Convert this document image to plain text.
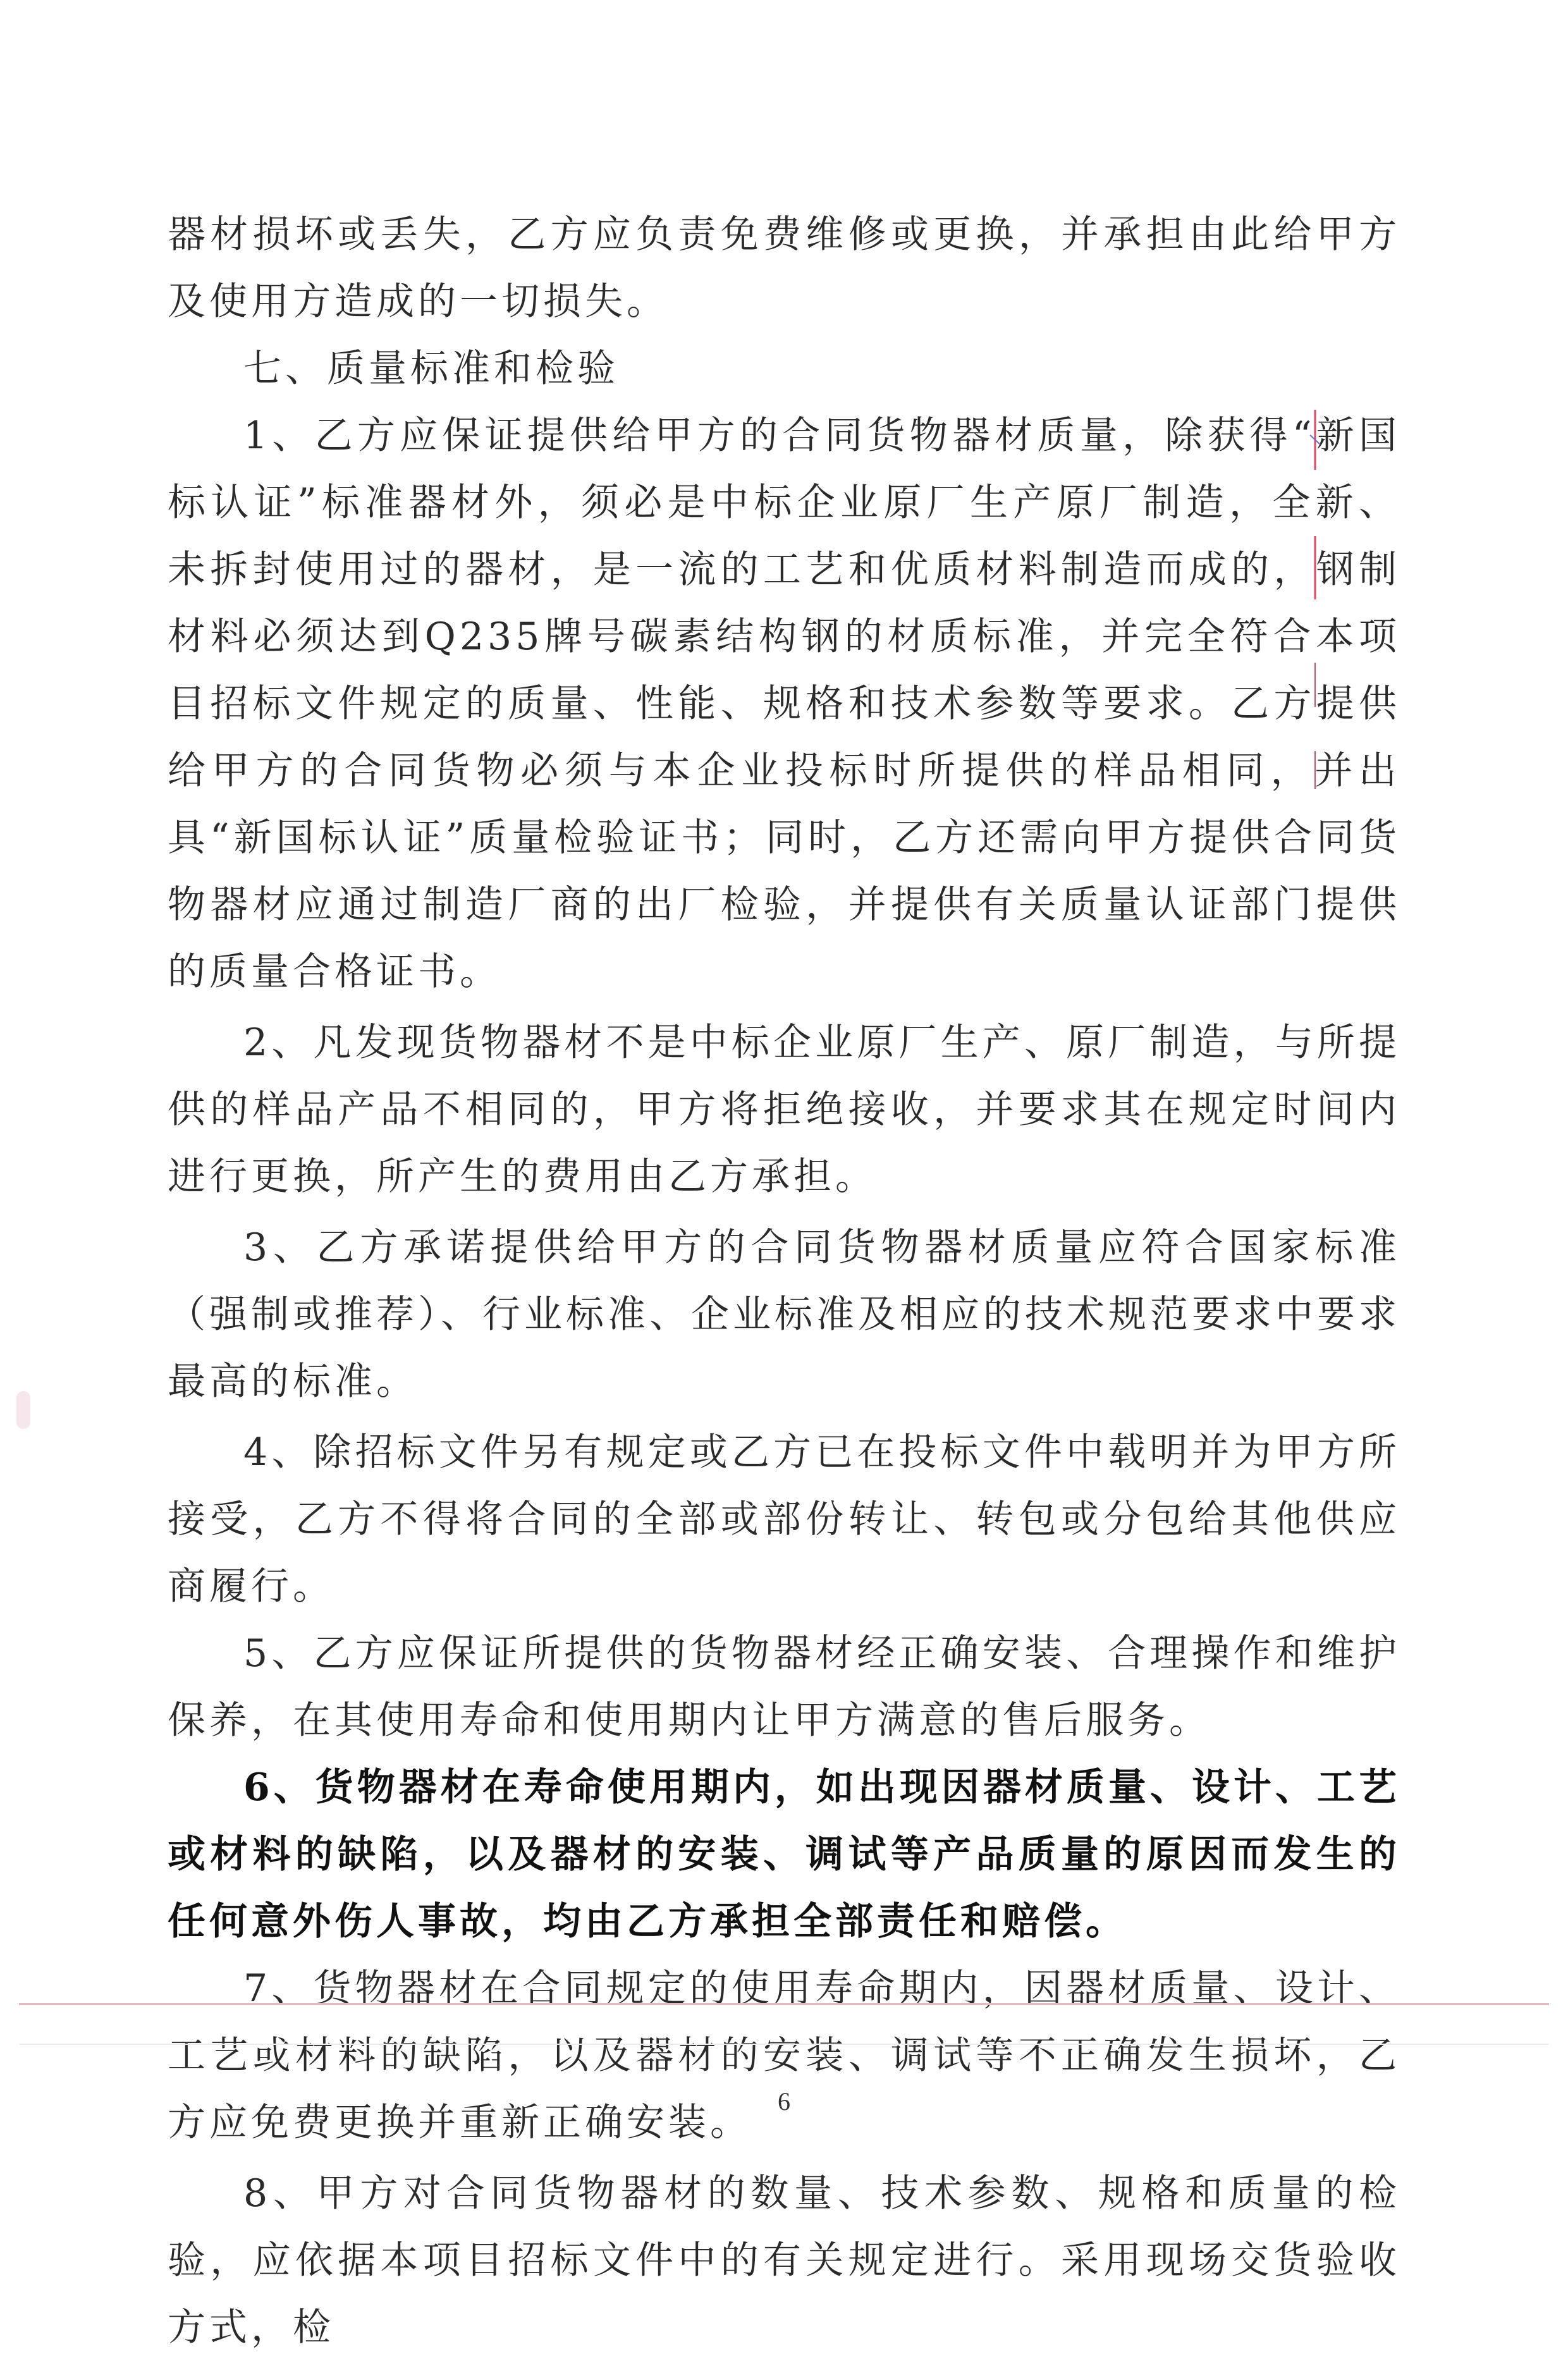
器材损坏或丢失，乙方应负责免费维修或更换，并承担由此给甲方及使用方造成的一切损失。

七、质量标准和检验

1、乙方应保证提供给甲方的合同货物器材质量，除获得“新国标认证”标准器材外，须必是中标企业原厂生产原厂制造，全新、未拆封使用过的器材，是一流的工艺和优质材料制造而成的，钢制材料必须达到Q235牌号碳素结构钢的材质标准，并完全符合本项目招标文件规定的质量、性能、规格和技术参数等要求。乙方提供给甲方的合同货物必须与本企业投标时所提供的样品相同，并出具“新国标认证”质量检验证书；同时，乙方还需向甲方提供合同货物器材应通过制造厂商的出厂检验，并提供有关质量认证部门提供的质量合格证书。

2、凡发现货物器材不是中标企业原厂生产、原厂制造，与所提供的样品产品不相同的，甲方将拒绝接收，并要求其在规定时间内进行更换，所产生的费用由乙方承担。

3、乙方承诺提供给甲方的合同货物器材质量应符合国家标准（强制或推荐）、行业标准、企业标准及相应的技术规范要求中要求最高的标准。

4、除招标文件另有规定或乙方已在投标文件中载明并为甲方所接受，乙方不得将合同的全部或部份转让、转包或分包给其他供应商履行。

5、乙方应保证所提供的货物器材经正确安装、合理操作和维护保养，在其使用寿命和使用期内让甲方满意的售后服务。

6、货物器材在寿命使用期内，如出现因器材质量、设计、工艺或材料的缺陷，以及器材的安装、调试等产品质量的原因而发生的任何意外伤人事故，均由乙方承担全部责任和赔偿。

7、货物器材在合同规定的使用寿命期内，因器材质量、设计、工艺或材料的缺陷，以及器材的安装、调试等不正确发生损坏，乙方应免费更换并重新正确安装。

8、甲方对合同货物器材的数量、技术参数、规格和质量的检验，应依据本项目招标文件中的有关规定进行。采用现场交货验收方式，检

6
